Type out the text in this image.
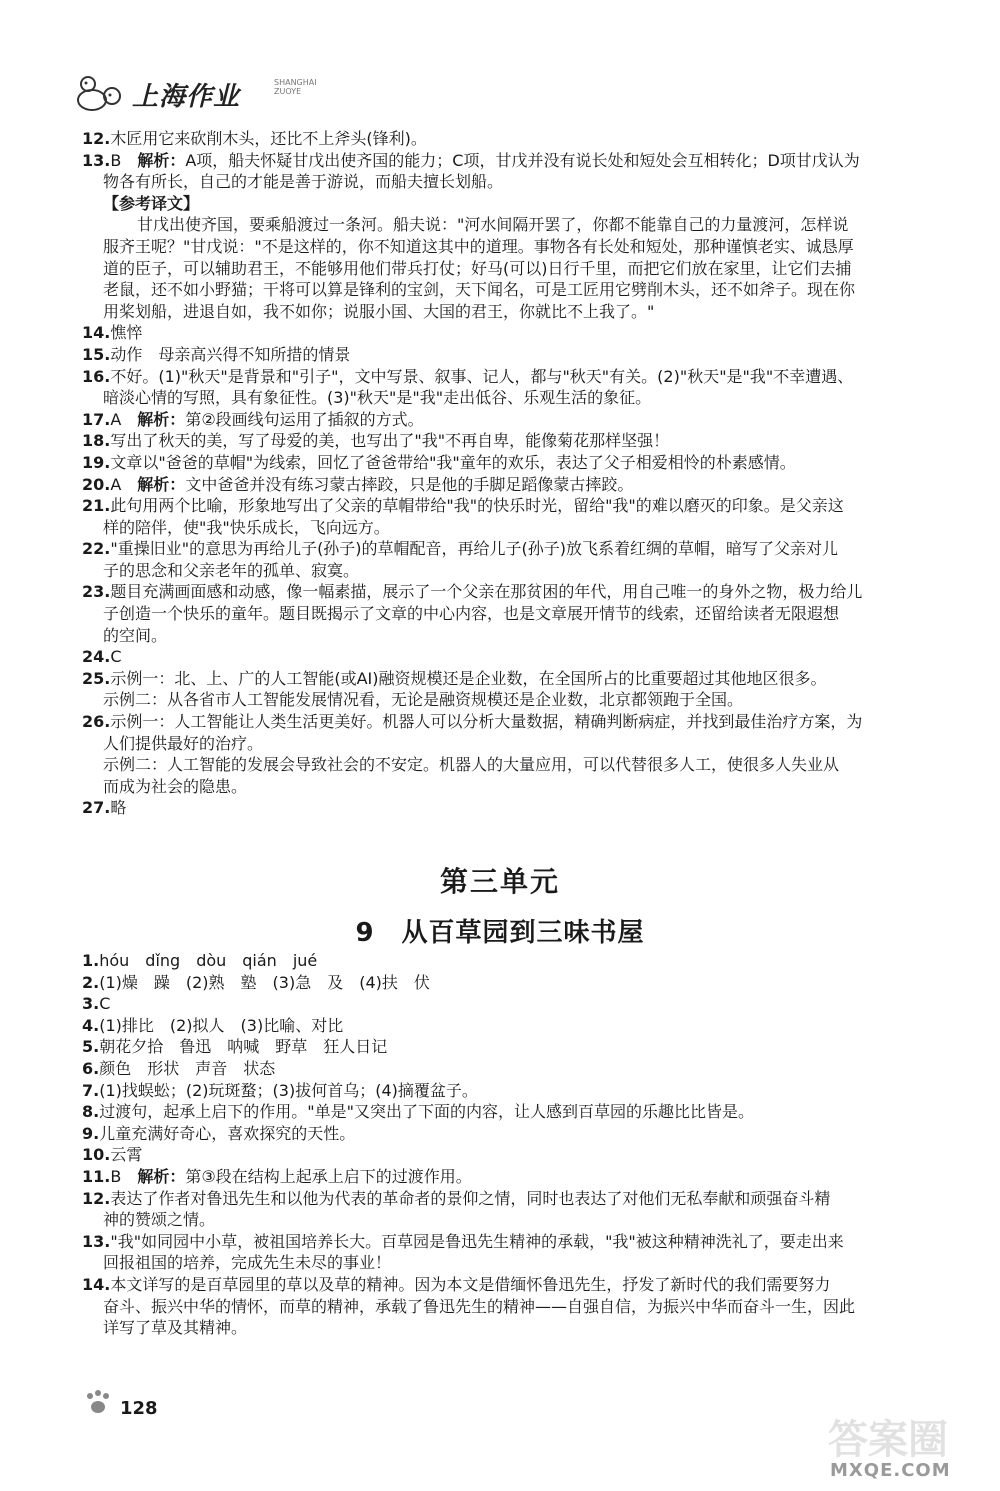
上海作业	SHANGHAI
ZUOYE
12.木匠用它来砍削木头，还比不上斧头(锋利)。
13.B　解析：A项，船夫怀疑甘戊出使齐国的能力；C项，甘戊并没有说长处和短处会互相转化；D项甘戊认为
物各有所长，自己的才能是善于游说，而船夫擅长划船。
【参考译文】
甘戊出使齐国，要乘船渡过一条河。船夫说："河水间隔开罢了，你都不能靠自己的力量渡河，怎样说
服齐王呢？"甘戊说："不是这样的，你不知道这其中的道理。事物各有长处和短处，那种谨慎老实、诚恳厚
道的臣子，可以辅助君王，不能够用他们带兵打仗；好马(可以)日行千里，而把它们放在家里，让它们去捕
老鼠，还不如小野猫；干将可以算是锋利的宝剑，天下闻名，可是工匠用它劈削木头，还不如斧子。现在你
用桨划船，进退自如，我不如你；说服小国、大国的君王，你就比不上我了。"
14.憔悴
15.动作　母亲高兴得不知所措的情景
16.不好。(1)"秋天"是背景和"引子"，文中写景、叙事、记人，都与"秋天"有关。(2)"秋天"是"我"不幸遭遇、
暗淡心情的写照，具有象征性。(3)"秋天"是"我"走出低谷、乐观生活的象征。
17.A　解析：第②段画线句运用了插叙的方式。
18.写出了秋天的美，写了母爱的美，也写出了"我"不再自卑，能像菊花那样坚强！
19.文章以"爸爸的草帽"为线索，回忆了爸爸带给"我"童年的欢乐，表达了父子相爱相怜的朴素感情。
20.A　解析：文中爸爸并没有练习蒙古摔跤，只是他的手脚足蹈像蒙古摔跤。
21.此句用两个比喻，形象地写出了父亲的草帽带给"我"的快乐时光，留给"我"的难以磨灭的印象。是父亲这
样的陪伴，使"我"快乐成长，飞向远方。
22."重操旧业"的意思为再给儿子(孙子)的草帽配音，再给儿子(孙子)放飞系着红绸的草帽，暗写了父亲对儿
子的思念和父亲老年的孤单、寂寞。
23.题目充满画面感和动感，像一幅素描，展示了一个父亲在那贫困的年代，用自己唯一的身外之物，极力给儿
子创造一个快乐的童年。题目既揭示了文章的中心内容，也是文章展开情节的线索，还留给读者无限遐想
的空间。
24.C
25.示例一：北、上、广的人工智能(或AI)融资规模还是企业数，在全国所占的比重要超过其他地区很多。
示例二：从各省市人工智能发展情况看，无论是融资规模还是企业数，北京都领跑于全国。
26.示例一：人工智能让人类生活更美好。机器人可以分析大量数据，精确判断病症，并找到最佳治疗方案，为
人们提供最好的治疗。
示例二：人工智能的发展会导致社会的不安定。机器人的大量应用，可以代替很多人工，使很多人失业从
而成为社会的隐患。
27.略
第三单元
9　从百草园到三味书屋
1.hóu　dǐng　dòu　qián　jué
2.(1)燥　躁　(2)熟　塾　(3)急　及　(4)扶　伏
3.C
4.(1)排比　(2)拟人　(3)比喻、对比
5.朝花夕拾　鲁迅　呐喊　野草　狂人日记
6.颜色　形状　声音　状态
7.(1)找蜈蚣；(2)玩斑蝥；(3)拔何首乌；(4)摘覆盆子。
8.过渡句，起承上启下的作用。"单是"又突出了下面的内容，让人感到百草园的乐趣比比皆是。
9.儿童充满好奇心，喜欢探究的天性。
10.云霄
11.B　解析：第③段在结构上起承上启下的过渡作用。
12.表达了作者对鲁迅先生和以他为代表的革命者的景仰之情，同时也表达了对他们无私奉献和顽强奋斗精
神的赞颂之情。
13."我"如同园中小草，被祖国培养长大。百草园是鲁迅先生精神的承载，"我"被这种精神洗礼了，要走出来
回报祖国的培养，完成先生未尽的事业！
14.本文详写的是百草园里的草以及草的精神。因为本文是借缅怀鲁迅先生，抒发了新时代的我们需要努力
奋斗、振兴中华的情怀，而草的精神，承载了鲁迅先生的精神——自强自信，为振兴中华而奋斗一生，因此
详写了草及其精神。
128
答案圈
MXQE.COM
